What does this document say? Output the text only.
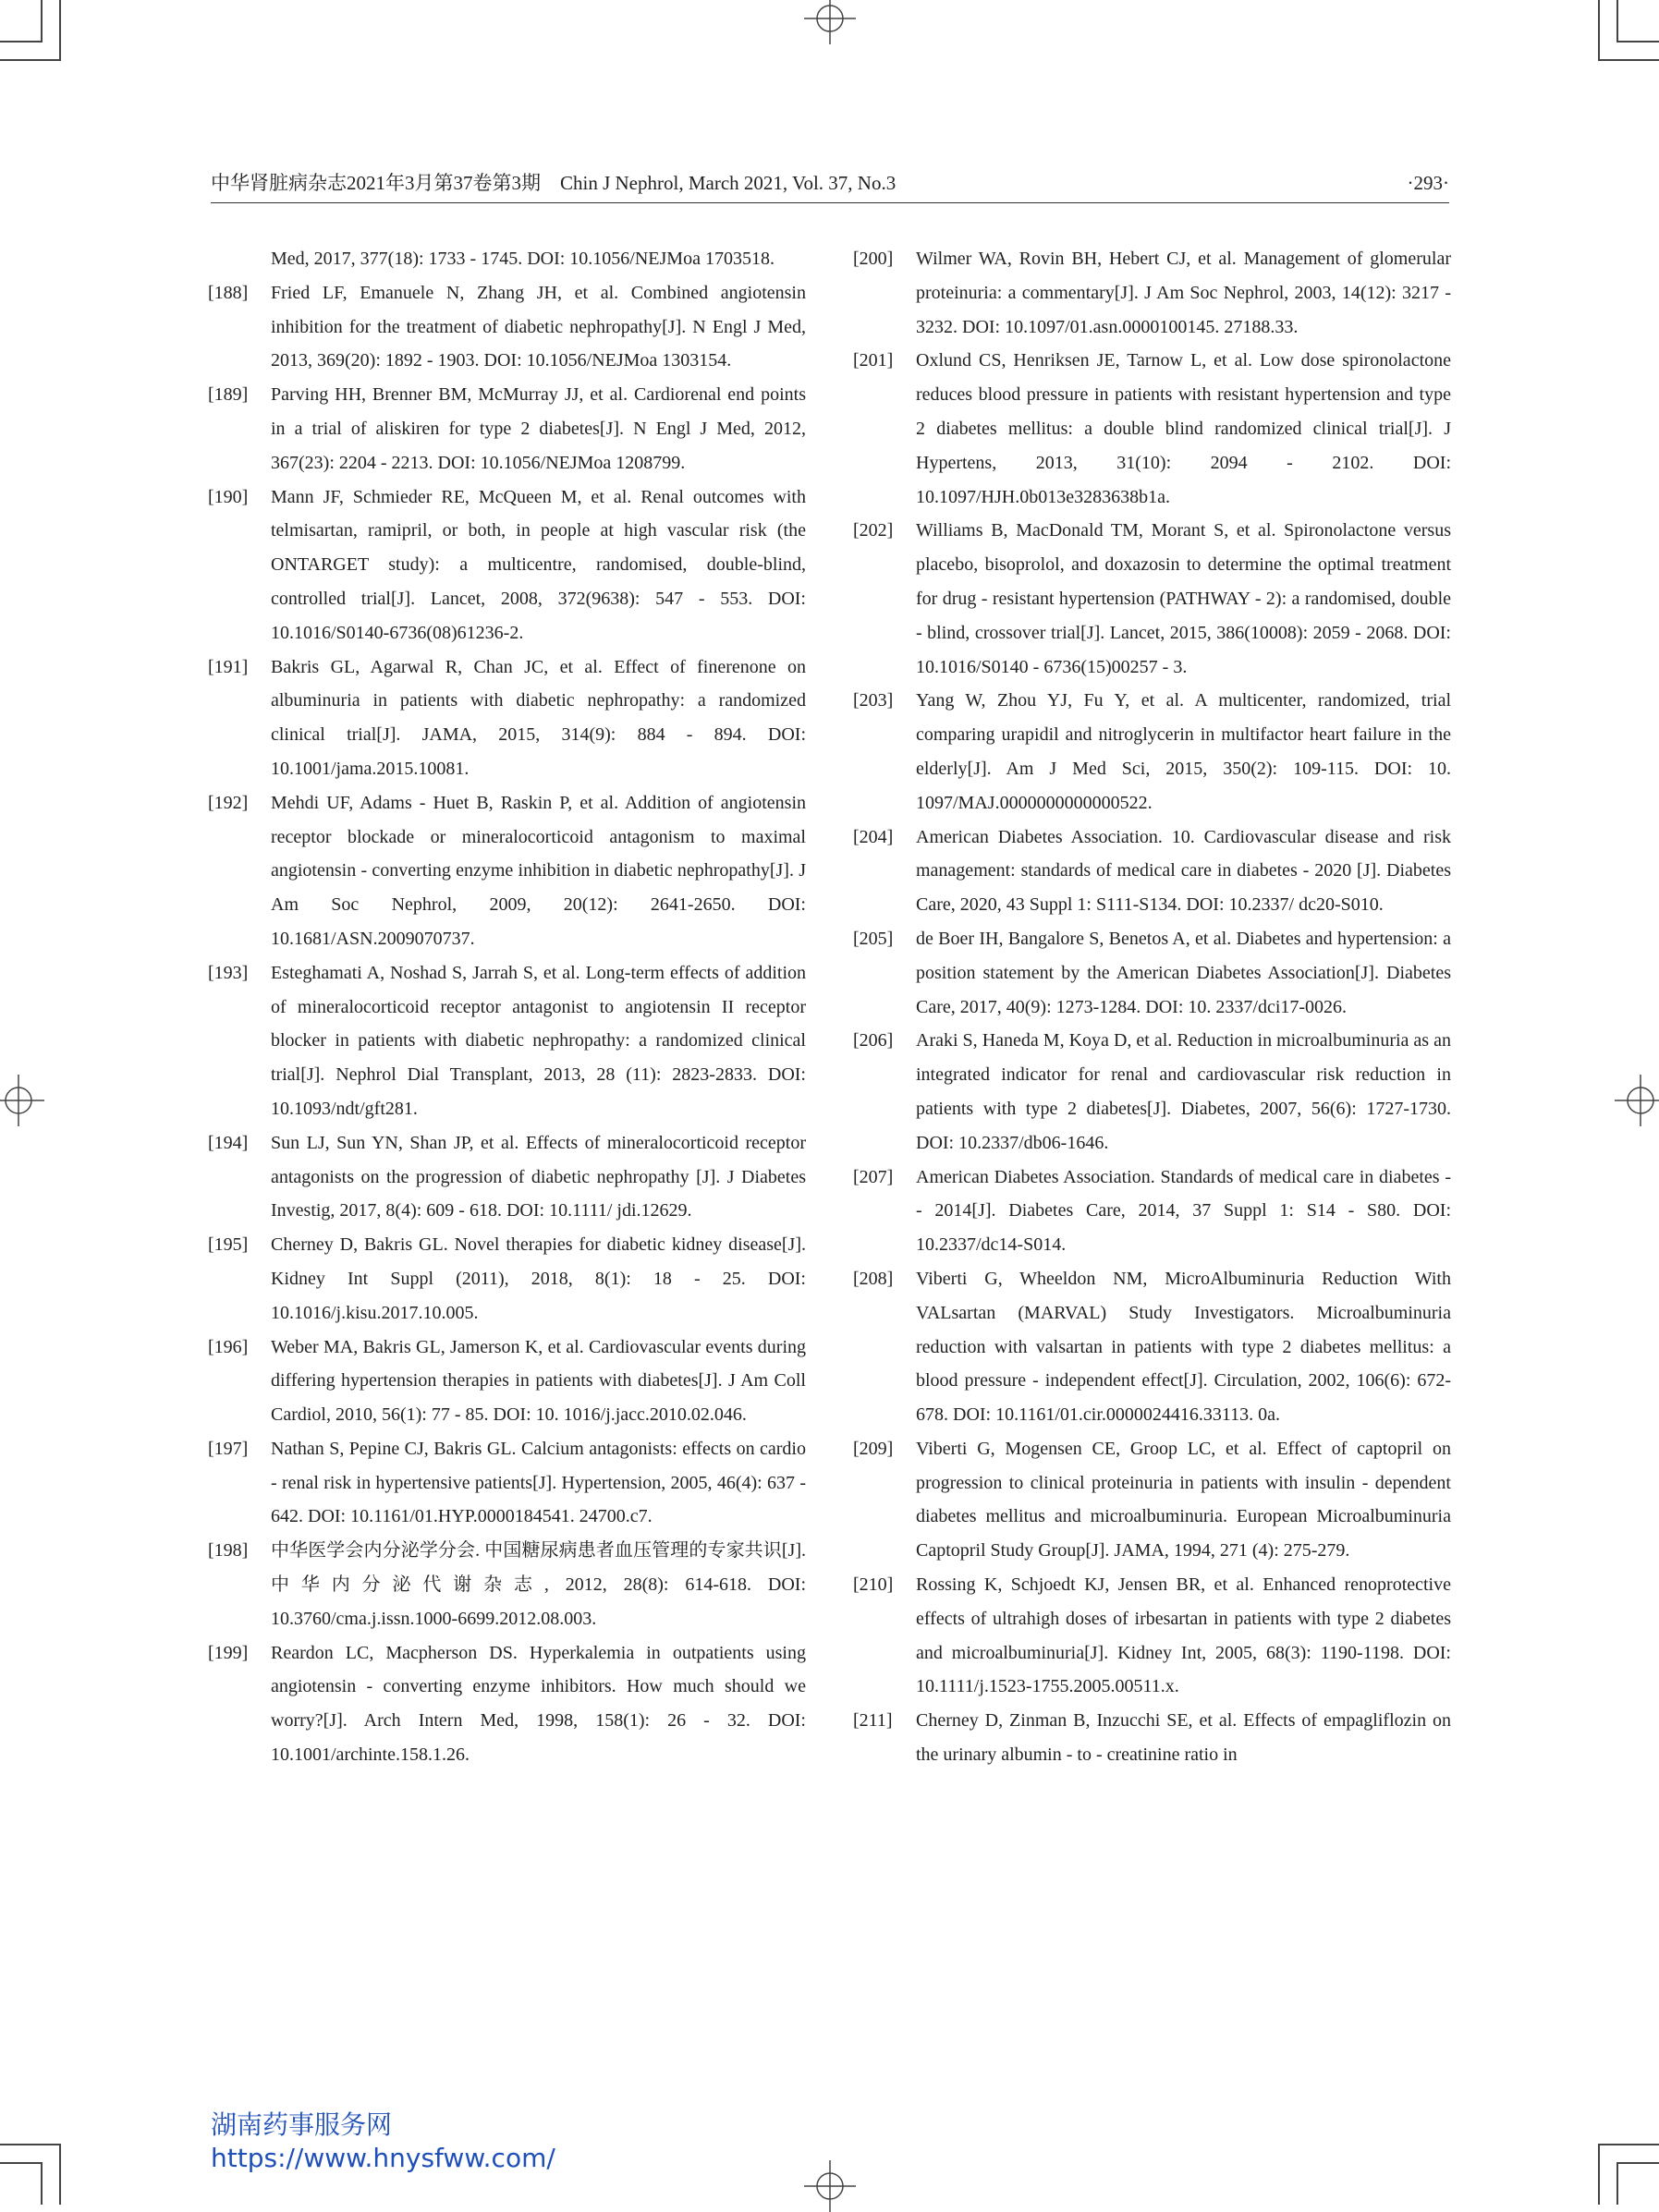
中华肾脏病杂志2021年3月第37卷第3期　Chin J Nephrol, March 2021, Vol. 37, No.3	·293·
Med, 2017, 377(18): 1733 - 1745. DOI: 10.1056/NEJMoa 1703518.
[188] Fried LF, Emanuele N, Zhang JH, et al. Combined angiotensin inhibition for the treatment of diabetic nephropathy[J]. N Engl J Med, 2013, 369(20): 1892 - 1903. DOI: 10.1056/NEJMoa 1303154.
[189] Parving HH, Brenner BM, McMurray JJ, et al. Cardiorenal end points in a trial of aliskiren for type 2 diabetes[J]. N Engl J Med, 2012, 367(23): 2204 - 2213. DOI: 10.1056/NEJMoa 1208799.
[190] Mann JF, Schmieder RE, McQueen M, et al. Renal outcomes with telmisartan, ramipril, or both, in people at high vascular risk (the ONTARGET study): a multicentre, randomised, double-blind, controlled trial[J]. Lancet, 2008, 372(9638): 547 - 553. DOI: 10.1016/S0140-6736(08)61236-2.
[191] Bakris GL, Agarwal R, Chan JC, et al. Effect of finerenone on albuminuria in patients with diabetic nephropathy: a randomized clinical trial[J]. JAMA, 2015, 314(9): 884 - 894. DOI: 10.1001/jama.2015.10081.
[192] Mehdi UF, Adams - Huet B, Raskin P, et al. Addition of angiotensin receptor blockade or mineralocorticoid antagonism to maximal angiotensin - converting enzyme inhibition in diabetic nephropathy[J]. J Am Soc Nephrol, 2009, 20(12): 2641-2650. DOI: 10.1681/ASN.2009070737.
[193] Esteghamati A, Noshad S, Jarrah S, et al. Long-term effects of addition of mineralocorticoid receptor antagonist to angiotensin II receptor blocker in patients with diabetic nephropathy: a randomized clinical trial[J]. Nephrol Dial Transplant, 2013, 28 (11): 2823-2833. DOI: 10.1093/ndt/gft281.
[194] Sun LJ, Sun YN, Shan JP, et al. Effects of mineralocorticoid receptor antagonists on the progression of diabetic nephropathy [J]. J Diabetes Investig, 2017, 8(4): 609 - 618. DOI: 10.1111/ jdi.12629.
[195] Cherney D, Bakris GL. Novel therapies for diabetic kidney disease[J]. Kidney Int Suppl (2011), 2018, 8(1): 18 - 25. DOI: 10.1016/j.kisu.2017.10.005.
[196] Weber MA, Bakris GL, Jamerson K, et al. Cardiovascular events during differing hypertension therapies in patients with diabetes[J]. J Am Coll Cardiol, 2010, 56(1): 77 - 85. DOI: 10. 1016/j.jacc.2010.02.046.
[197] Nathan S, Pepine CJ, Bakris GL. Calcium antagonists: effects on cardio - renal risk in hypertensive patients[J]. Hypertension, 2005, 46(4): 637 - 642. DOI: 10.1161/01.HYP.0000184541. 24700.c7.
[198] 中华医学会内分泌学分会. 中国糖尿病患者血压管理的专家共识[J]. 中华内分泌代谢杂志, 2012, 28(8): 614-618. DOI: 10.3760/cma.j.issn.1000-6699.2012.08.003.
[199] Reardon LC, Macpherson DS. Hyperkalemia in outpatients using angiotensin - converting enzyme inhibitors. How much should we worry?[J]. Arch Intern Med, 1998, 158(1): 26 - 32. DOI: 10.1001/archinte.158.1.26.
[200] Wilmer WA, Rovin BH, Hebert CJ, et al. Management of glomerular proteinuria: a commentary[J]. J Am Soc Nephrol, 2003, 14(12): 3217 - 3232. DOI: 10.1097/01.asn.0000100145. 27188.33.
[201] Oxlund CS, Henriksen JE, Tarnow L, et al. Low dose spironolactone reduces blood pressure in patients with resistant hypertension and type 2 diabetes mellitus: a double blind randomized clinical trial[J]. J Hypertens, 2013, 31(10): 2094 - 2102. DOI: 10.1097/HJH.0b013e3283638b1a.
[202] Williams B, MacDonald TM, Morant S, et al. Spironolactone versus placebo, bisoprolol, and doxazosin to determine the optimal treatment for drug - resistant hypertension (PATHWAY - 2): a randomised, double - blind, crossover trial[J]. Lancet, 2015, 386(10008): 2059 - 2068. DOI: 10.1016/S0140 - 6736(15)00257 - 3.
[203] Yang W, Zhou YJ, Fu Y, et al. A multicenter, randomized, trial comparing urapidil and nitroglycerin in multifactor heart failure in the elderly[J]. Am J Med Sci, 2015, 350(2): 109-115. DOI: 10. 1097/MAJ.0000000000000522.
[204] American Diabetes Association. 10. Cardiovascular disease and risk management: standards of medical care in diabetes - 2020 [J]. Diabetes Care, 2020, 43 Suppl 1: S111-S134. DOI: 10.2337/ dc20-S010.
[205] de Boer IH, Bangalore S, Benetos A, et al. Diabetes and hypertension: a position statement by the American Diabetes Association[J]. Diabetes Care, 2017, 40(9): 1273-1284. DOI: 10. 2337/dci17-0026.
[206] Araki S, Haneda M, Koya D, et al. Reduction in microalbuminuria as an integrated indicator for renal and cardiovascular risk reduction in patients with type 2 diabetes[J]. Diabetes, 2007, 56(6): 1727-1730. DOI: 10.2337/db06-1646.
[207] American Diabetes Association. Standards of medical care in diabetes - - 2014[J]. Diabetes Care, 2014, 37 Suppl 1: S14 - S80. DOI: 10.2337/dc14-S014.
[208] Viberti G, Wheeldon NM, MicroAlbuminuria Reduction With VALsartan (MARVAL) Study Investigators. Microalbuminuria reduction with valsartan in patients with type 2 diabetes mellitus: a blood pressure - independent effect[J]. Circulation, 2002, 106(6): 672-678. DOI: 10.1161/01.cir.0000024416.33113. 0a.
[209] Viberti G, Mogensen CE, Groop LC, et al. Effect of captopril on progression to clinical proteinuria in patients with insulin - dependent diabetes mellitus and microalbuminuria. European Microalbuminuria Captopril Study Group[J]. JAMA, 1994, 271 (4): 275-279.
[210] Rossing K, Schjoedt KJ, Jensen BR, et al. Enhanced renoprotective effects of ultrahigh doses of irbesartan in patients with type 2 diabetes and microalbuminuria[J]. Kidney Int, 2005, 68(3): 1190-1198. DOI: 10.1111/j.1523-1755.2005.00511.x.
[211] Cherney D, Zinman B, Inzucchi SE, et al. Effects of empagliflozin on the urinary albumin - to - creatinine ratio in
湖南药事服务网
https://www.hnysfww.com/
